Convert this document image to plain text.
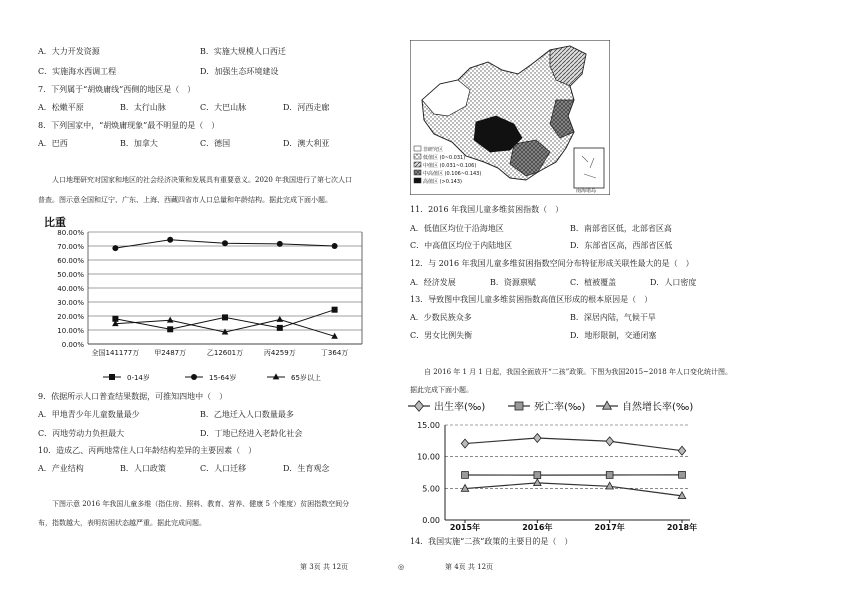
A．大力开发资源	B．实施大规模人口西迁
C．实施海水西调工程	D．加强生态环境建设
7．下列属于“胡焕庸线”西侧的地区是（　）
A．松嫩平原	B．太行山脉	C．大巴山脉	D．河西走廊
8．下列国家中，“胡焕庸现象”最不明显的是（　）
A．巴西	B．加拿大	C．德国	D．澳大利亚
人口地理研究对国家和地区的社会经济决策和发展具有重要意义。2020 年我国进行了第七次人口
普查。图示意全国和辽宁、广东、上海、西藏四省市人口总量和年龄结构。据此完成下面小题。
比重
80.00%
70.00%
60.00%
50.00%
40.00%
30.00%
20.00%
10.00%
0.00%
全国141177万 甲2487万	乙12601万	丙4259万	丁364万
0-14岁	15-64岁	65岁以上
9．依据所示人口普查结果数据，可推知四地中（　）
A．甲地青少年儿童数量最少	B．乙地迁入人口数量最多
C．丙地劳动力负担最大	D．丁地已经进入老龄化社会
10．造成乙、丙两地常住人口年龄结构差异的主要因素（　）
A．产业结构	B．人口政策	C．人口迁移	D．生育观念
下图示意 2016 年我国儿童多维（指住房、照料、教育、营养、健康 5 个维度）贫困指数空间分
布，指数越大，表明贫困状态越严重。据此完成问题。
南海诸岛
非研究区
低值区 (0~0.031)
中值区 (0.031~0.106)
中高值区 (0.106~0.143)
高值区 (>0.143)
11．2016 年我国儿童多维贫困指数（　）
A．低值区均位于沿海地区	B．南部省区低，北部省区高
C．中高值区均位于内陆地区	D．东部省区高，西部省区低
12．与 2016 年我国儿童多维贫困指数空间分布特征形成关联性最大的是（　）
A．经济发展	B．资源禀赋	C．植被覆盖	D．人口密度
13．导致图中我国儿童多维贫困指数高值区形成的根本原因是（　）
A．少数民族众多	B．深居内陆，气候干旱
C．男女比例失衡	D．地形限制，交通闭塞
自 2016 年 1 月 1 日起，我国全面放开“二孩”政策。下图为我国2015~2018 年人口变化统计图。
据此完成下面小题。
出生率(‰)	死亡率(‰)	自然增长率(‰)
15.00
10.00
5.00
0.00
2015年	2016年	2017年	2018年
14．我国实施“二孩”政策的主要目的是（　）
第 3页 共 12页	◎	第 4页 共 12页
